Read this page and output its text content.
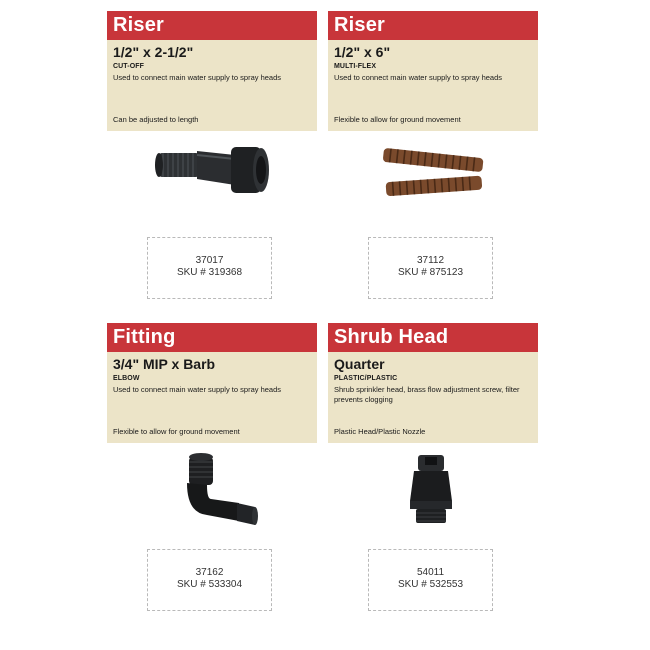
Riser
1/2" x 2-1/2"
CUT-OFF
Used to connect main water supply to spray heads
Can be adjusted to length
37017
SKU # 319368
Riser
1/2" x 6"
MULTI-FLEX
Used to connect main water supply to spray heads
Flexible to allow for ground movement
37112
SKU # 875123
Fitting
3/4" MIP x Barb
ELBOW
Used to connect main water supply to spray heads
Flexible to allow for ground movement
37162
SKU # 533304
Shrub Head
Quarter
PLASTIC/PLASTIC
Shrub sprinkler head, brass flow adjustment screw, filter prevents clogging
Plastic Head/Plastic Nozzle
54011
SKU # 532553
